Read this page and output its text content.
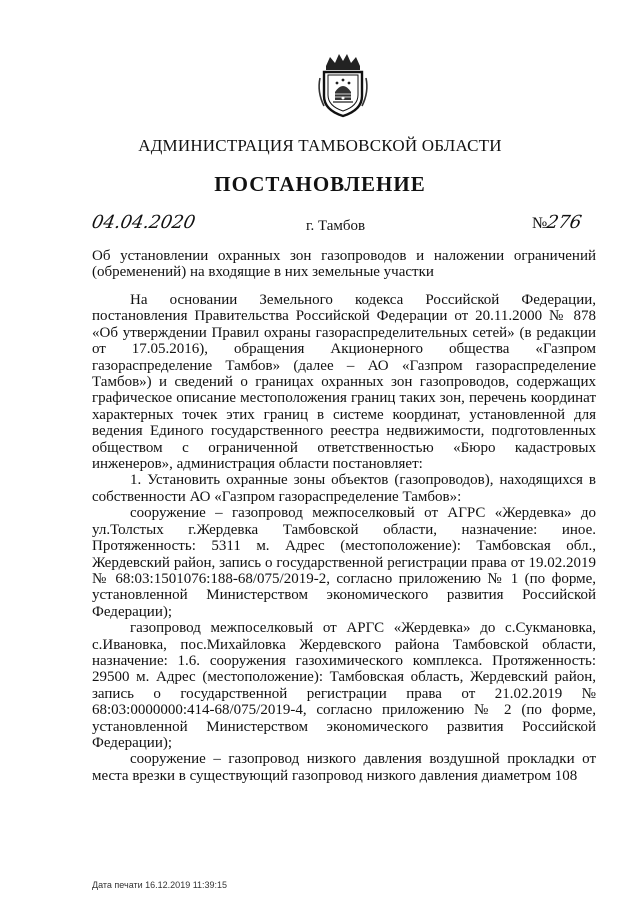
АДМИНИСТРАЦИЯ ТАМБОВСКОЙ ОБЛАСТИ
ПОСТАНОВЛЕНИЕ
04.04.2020	г. Тамбов	№276
Об установлении охранных зон газопроводов и наложении ограничений (обременений) на входящие в них земельные участки

На основании Земельного кодекса Российской Федерации, постановления Правительства Российской Федерации от 20.11.2000 № 878 «Об утверждении Правил охраны газораспределительных сетей» (в редакции от 17.05.2016), обращения Акционерного общества «Газпром газораспределение Тамбов» (далее – АО «Газпром газораспределение Тамбов») и сведений о границах охранных зон газопроводов, содержащих графическое описание местоположения границ таких зон, перечень координат характерных точек этих границ в системе координат, установленной для ведения Единого государственного реестра недвижимости, подготовленных обществом с ограниченной ответственностью «Бюро кадастровых инженеров», администрация области постановляет:

1. Установить охранные зоны объектов (газопроводов), находящихся в собственности АО «Газпром газораспределение Тамбов»:

сооружение – газопровод межпоселковый от АГРС «Жердевка» до ул.Толстых г.Жердевка Тамбовской области, назначение: иное. Протяженность: 5311 м. Адрес (местоположение): Тамбовская обл., Жердевский район, запись о государственной регистрации права от 19.02.2019 № 68:03:1501076:188-68/075/2019-2, согласно приложению № 1 (по форме, установленной Министерством экономического развития Российской Федерации);

газопровод межпоселковый от АРГС «Жердевка» до с.Сукмановка, с.Ивановка, пос.Михайловка Жердевского района Тамбовской области, назначение: 1.6. сооружения газохимического комплекса. Протяженность: 29500 м. Адрес (местоположение): Тамбовская область, Жердевский район, запись о государственной регистрации права от 21.02.2019 № 68:03:0000000:414-68/075/2019-4, согласно приложению № 2 (по форме, установленной Министерством экономического развития Российской Федерации);

сооружение – газопровод низкого давления воздушной прокладки от места врезки в существующий газопровод низкого давления диаметром 108

Дата печати 16.12.2019 11:39:15
